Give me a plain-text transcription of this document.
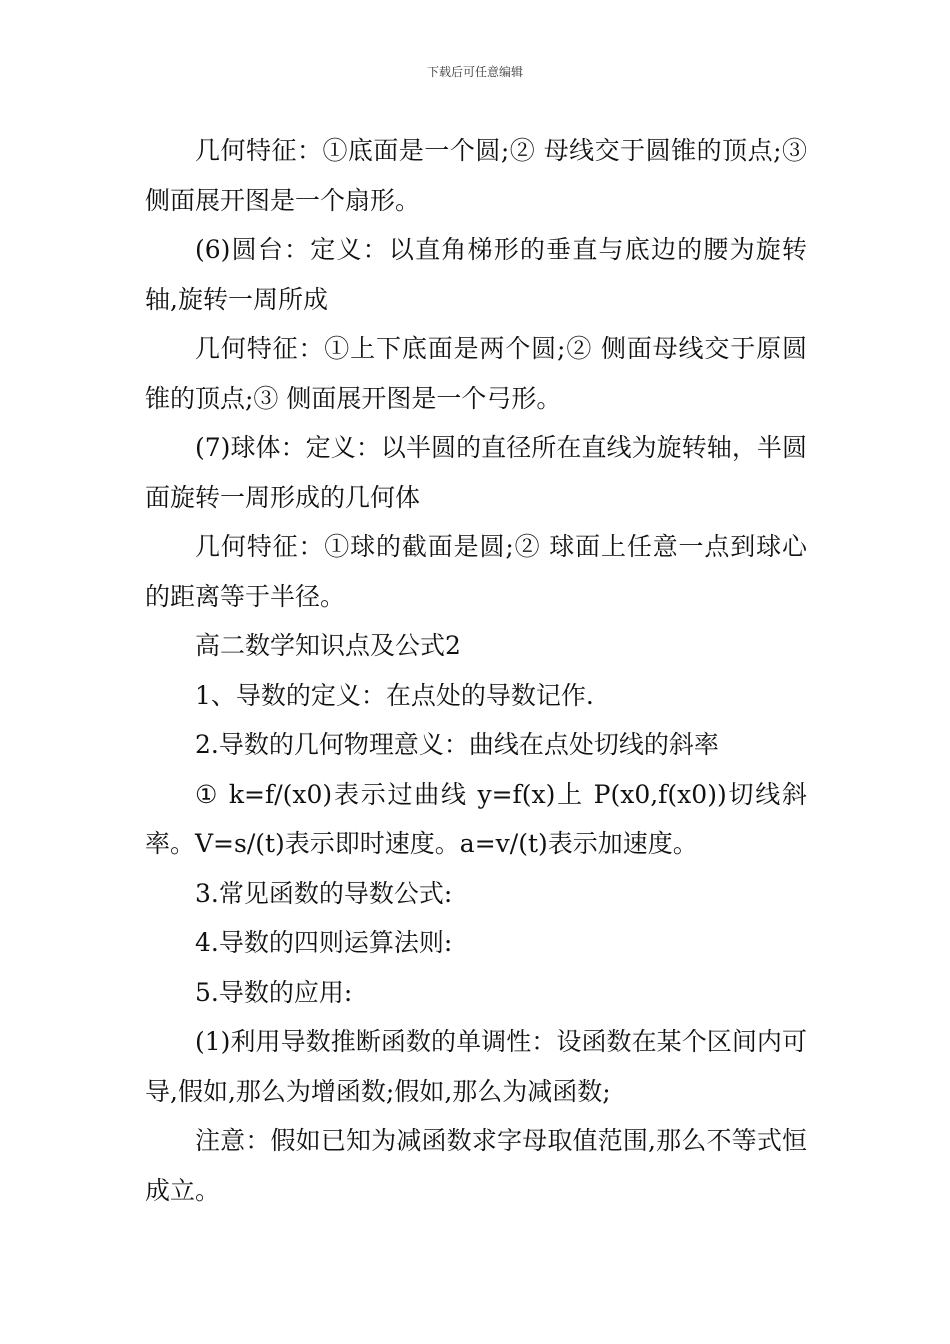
下载后可任意编辑

几何特征：①底面是一个圆;② 母线交于圆锥的顶点;③ 侧面展开图是一个扇形。

(6)圆台：定义：以直角梯形的垂直与底边的腰为旋转轴,旋转一周所成

几何特征：①上下底面是两个圆;② 侧面母线交于原圆锥的顶点;③ 侧面展开图是一个弓形。

(7)球体：定义：以半圆的直径所在直线为旋转轴，半圆面旋转一周形成的几何体

几何特征：①球的截面是圆;② 球面上任意一点到球心的距离等于半径。

高二数学知识点及公式2

1、导数的定义：在点处的导数记作.

2.导数的几何物理意义：曲线在点处切线的斜率

① k=f/(x0)表示过曲线 y=f(x)上 P(x0,f(x0))切线斜率。V=s/(t)表示即时速度。a=v/(t)表示加速度。

3.常见函数的导数公式:

4.导数的四则运算法则:

5.导数的应用:

(1)利用导数推断函数的单调性：设函数在某个区间内可导,假如,那么为增函数;假如,那么为减函数;

注意：假如已知为减函数求字母取值范围,那么不等式恒成立。
